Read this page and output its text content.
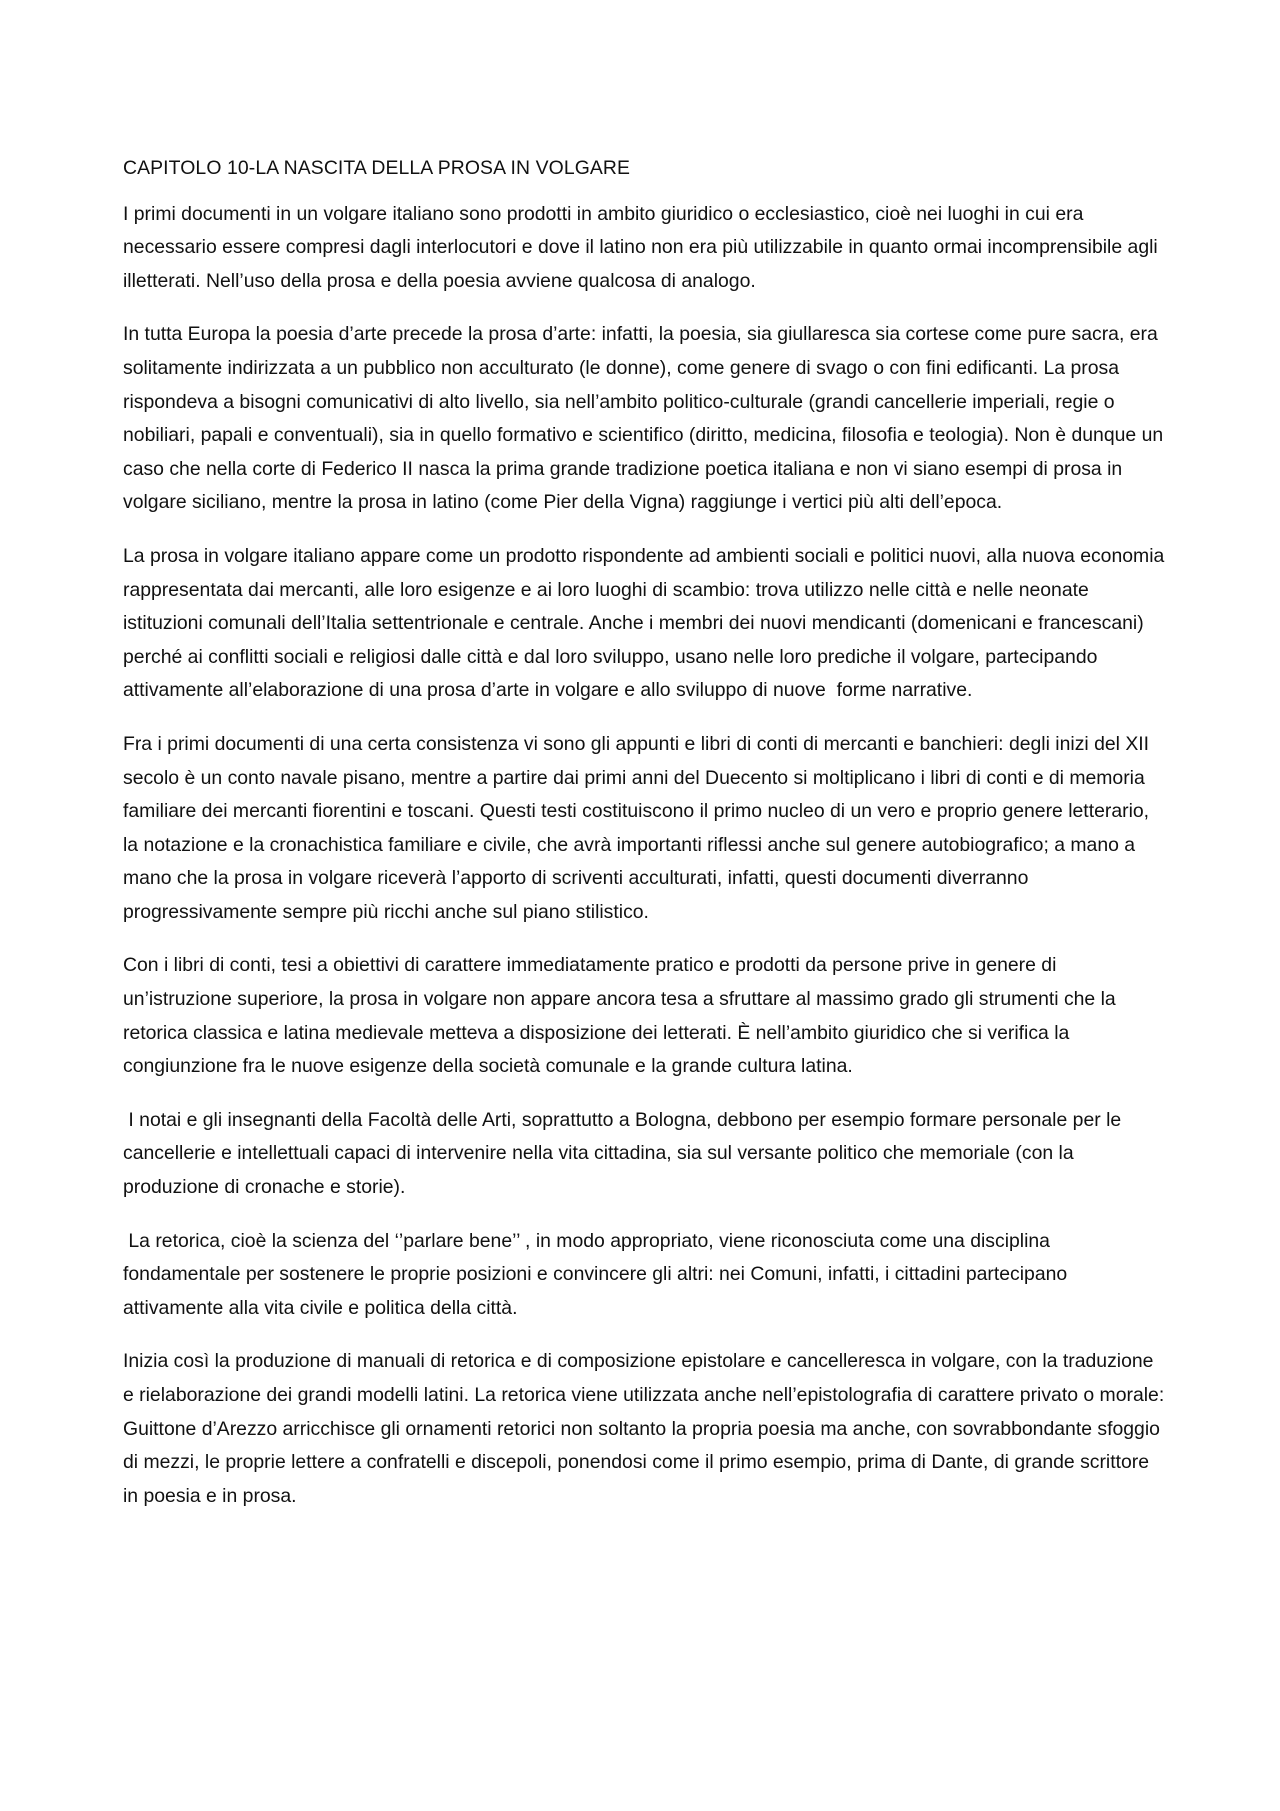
CAPITOLO 10-LA NASCITA DELLA PROSA IN VOLGARE

I primi documenti in un volgare italiano sono prodotti in ambito giuridico o ecclesiastico, cioè nei luoghi in cui era necessario essere compresi dagli interlocutori e dove il latino non era più utilizzabile in quanto ormai incomprensibile agli illetterati. Nell’uso della prosa e della poesia avviene qualcosa di analogo.

In tutta Europa la poesia d’arte precede la prosa d’arte: infatti, la poesia, sia giullaresca sia cortese come pure sacra, era solitamente indirizzata a un pubblico non acculturato (le donne), come genere di svago o con fini edificanti. La prosa rispondeva a bisogni comunicativi di alto livello, sia nell’ambito politico-culturale (grandi cancellerie imperiali, regie o nobiliari, papali e conventuali), sia in quello formativo e scientifico (diritto, medicina, filosofia e teologia). Non è dunque un caso che nella corte di Federico II nasca la prima grande tradizione poetica italiana e non vi siano esempi di prosa in volgare siciliano, mentre la prosa in latino (come Pier della Vigna) raggiunge i vertici più alti dell’epoca.

La prosa in volgare italiano appare come un prodotto rispondente ad ambienti sociali e politici nuovi, alla nuova economia rappresentata dai mercanti, alle loro esigenze e ai loro luoghi di scambio: trova utilizzo nelle città e nelle neonate istituzioni comunali dell’Italia settentrionale e centrale. Anche i membri dei nuovi mendicanti (domenicani e francescani) perché ai conflitti sociali e religiosi dalle città e dal loro sviluppo, usano nelle loro prediche il volgare, partecipando attivamente all’elaborazione di una prosa d’arte in volgare e allo sviluppo di nuove  forme narrative.

Fra i primi documenti di una certa consistenza vi sono gli appunti e libri di conti di mercanti e banchieri: degli inizi del XII secolo è un conto navale pisano, mentre a partire dai primi anni del Duecento si moltiplicano i libri di conti e di memoria familiare dei mercanti fiorentini e toscani. Questi testi costituiscono il primo nucleo di un vero e proprio genere letterario, la notazione e la cronachistica familiare e civile, che avrà importanti riflessi anche sul genere autobiografico; a mano a mano che la prosa in volgare riceverà l’apporto di scriventi acculturati, infatti, questi documenti diverranno progressivamente sempre più ricchi anche sul piano stilistico.

Con i libri di conti, tesi a obiettivi di carattere immediatamente pratico e prodotti da persone prive in genere di un’istruzione superiore, la prosa in volgare non appare ancora tesa a sfruttare al massimo grado gli strumenti che la retorica classica e latina medievale metteva a disposizione dei letterati. È nell’ambito giuridico che si verifica la congiunzione fra le nuove esigenze della società comunale e la grande cultura latina.

I notai e gli insegnanti della Facoltà delle Arti, soprattutto a Bologna, debbono per esempio formare personale per le cancellerie e intellettuali capaci di intervenire nella vita cittadina, sia sul versante politico che memoriale (con la produzione di cronache e storie).

La retorica, cioè la scienza del ‘’parlare bene’’ , in modo appropriato, viene riconosciuta come una disciplina fondamentale per sostenere le proprie posizioni e convincere gli altri: nei Comuni, infatti, i cittadini partecipano attivamente alla vita civile e politica della città.

Inizia così la produzione di manuali di retorica e di composizione epistolare e cancelleresca in volgare, con la traduzione e rielaborazione dei grandi modelli latini. La retorica viene utilizzata anche nell’epistolografia di carattere privato o morale: Guittone d’Arezzo arricchisce gli ornamenti retorici non soltanto la propria poesia ma anche, con sovrabbondante sfoggio di mezzi, le proprie lettere a confratelli e discepoli, ponendosi come il primo esempio, prima di Dante, di grande scrittore in poesia e in prosa.
